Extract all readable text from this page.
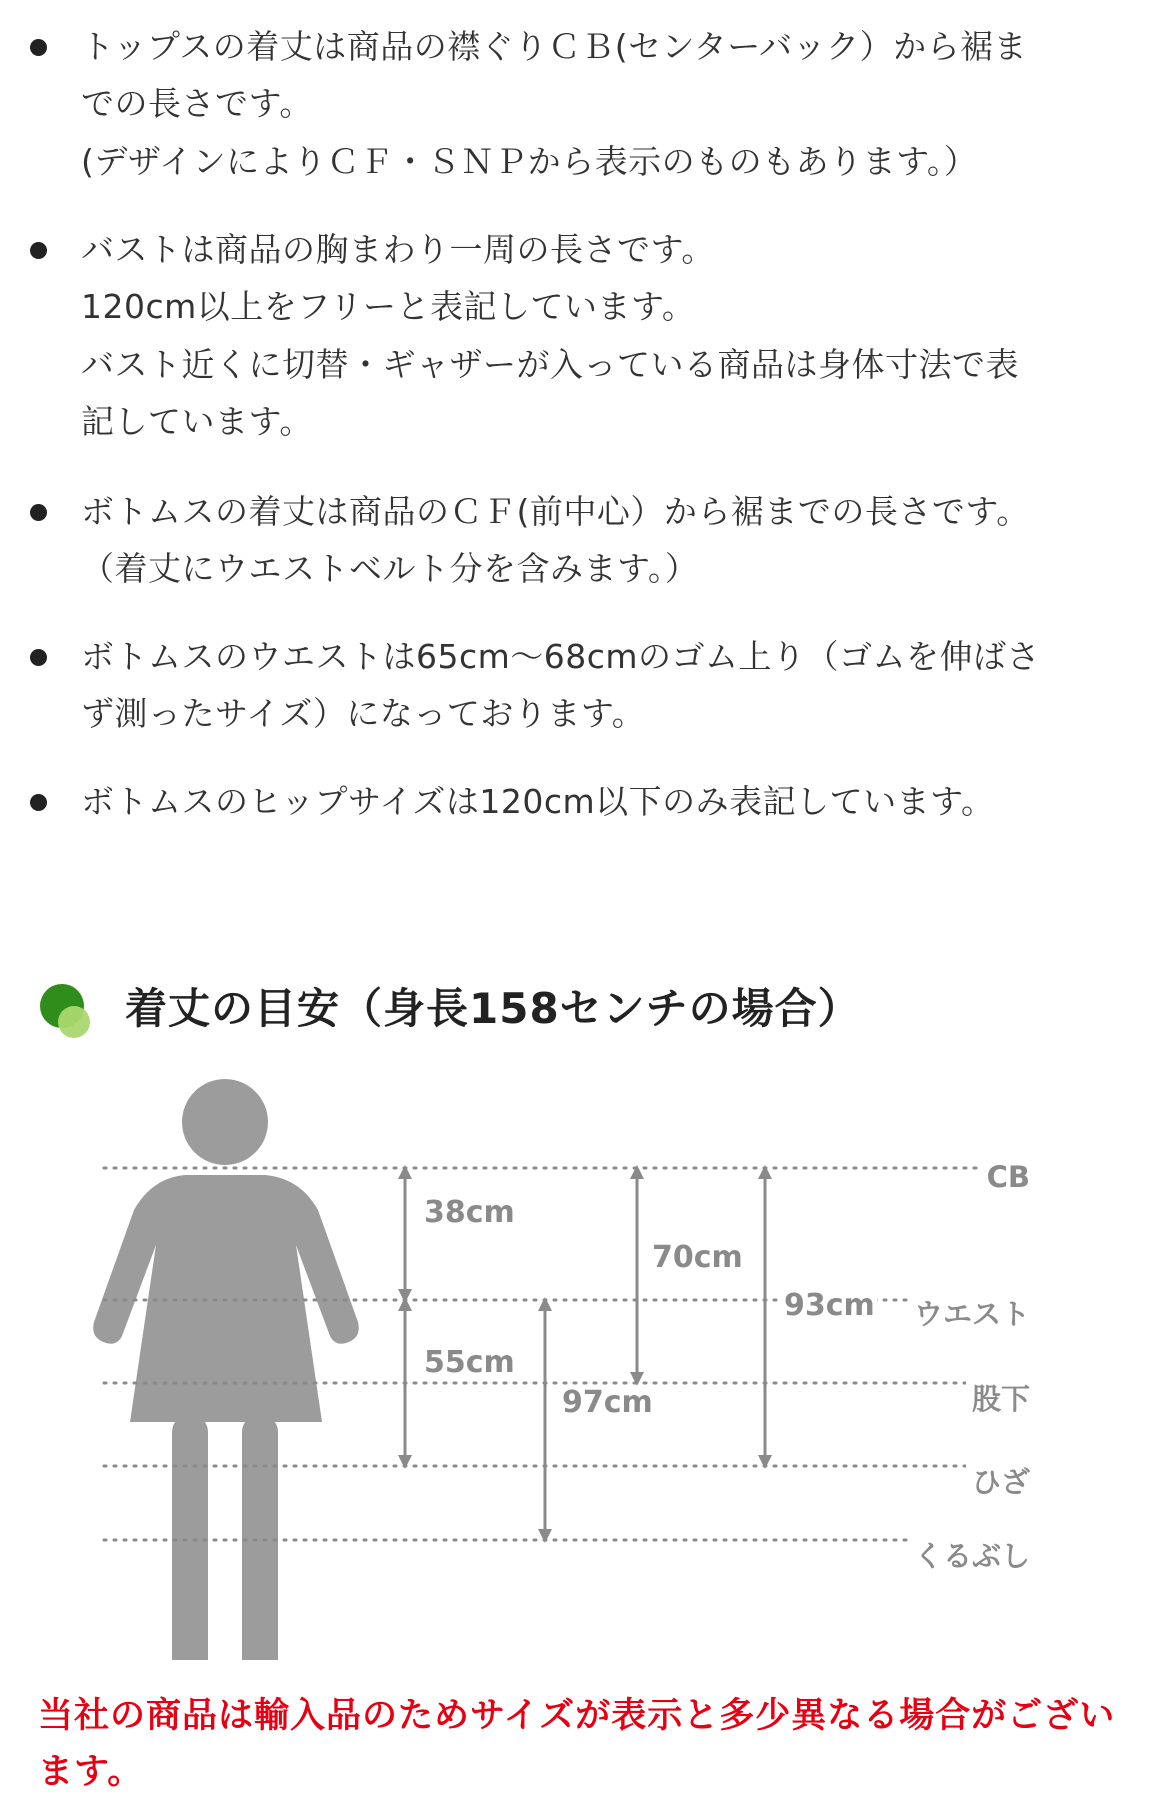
トップスの着丈は商品の襟ぐりＣＢ(センターバック）から裾ま
での長さです。
(デザインによりＣＦ・ＳＮＰから表示のものもあります。）
バストは商品の胸まわり一周の長さです。
120cm以上をフリーと表記しています。
バスト近くに切替・ギャザーが入っている商品は身体寸法で表
記しています。
ボトムスの着丈は商品のＣＦ(前中心）から裾までの長さです。
（着丈にウエストベルト分を含みます。）
ボトムスのウエストは65cm〜68cmのゴム上り（ゴムを伸ばさ
ず測ったサイズ）になっております。
ボトムスのヒップサイズは120cm以下のみ表記しています。
着丈の目安（身長158センチの場合）
CB
ウエスト
股下
ひざ
くるぶし
38cm
55cm
97cm
70cm
93cm
当社の商品は輸入品のためサイズが表示と多少異なる場合がござい
ます。
